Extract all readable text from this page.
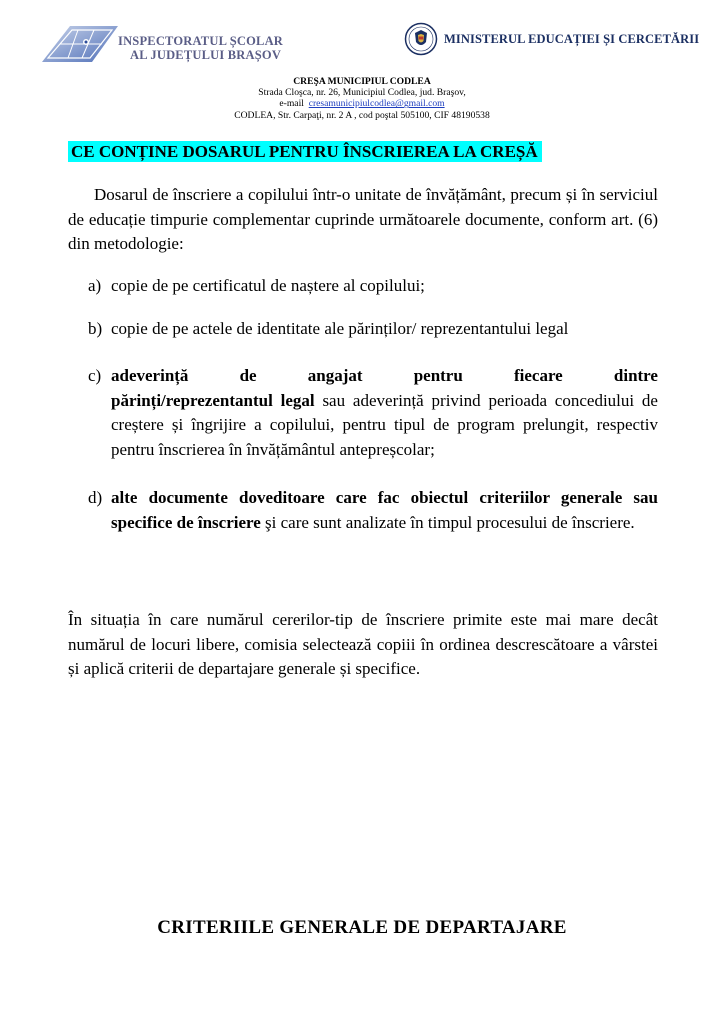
INSPECTORATUL ȘCOLAR
AL JUDEȚULUI BRAȘOV
MINISTERUL EDUCAȚIEI ȘI CERCETĂRII
CREŞA MUNICIPIUL CODLEA
Strada Cloşca, nr. 26, Municipiul Codlea, jud. Braşov,
e-mail cresamunicipiulcodlea@gmail.com
CODLEA, Str. Carpaţi, nr. 2 A , cod poştal 505100, CIF 48190538
CE CONȚINE DOSARUL PENTRU ÎNSCRIEREA LA CREȘĂ
Dosarul de înscriere a copilului într-o unitate de învățământ, precum și în serviciul de educație timpurie complementar cuprinde următoarele documente, conform art. (6) din metodologie:
a) copie de pe certificatul de naștere al copilului;
b) copie de pe actele de identitate ale părinților/ reprezentantului legal
c) adeverință	de	angajat	pentru	fiecare	dintre
părinți/reprezentantul legal sau adeverință privind perioada concediului de creștere și îngrijire a copilului, pentru tipul de program prelungit, respectiv pentru înscrierea în învățământul antepreșcolar;
d) alte documente doveditoare care fac obiectul criteriilor generale sau specifice de înscriere şi care sunt analizate în timpul procesului de înscriere.
În situația în care numărul cererilor-tip de înscriere primite este mai mare decât numărul de locuri libere, comisia selectează copiii în ordinea descrescătoare a vârstei și aplică criterii de departajare generale și specifice.
CRITERIILE GENERALE DE DEPARTAJARE
